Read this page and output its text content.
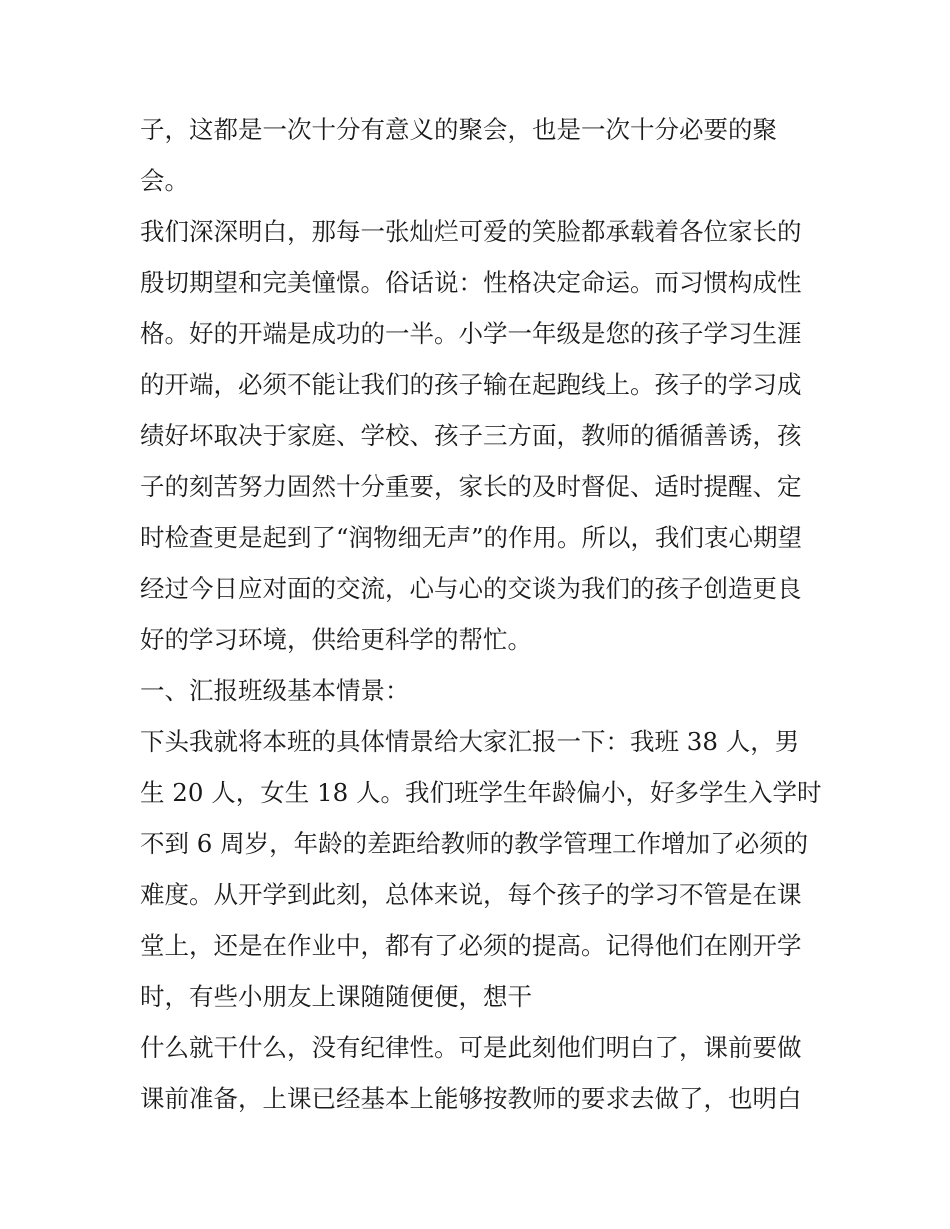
子，这都是一次十分有意义的聚会，也是一次十分必要的聚
会。
我们深深明白，那每一张灿烂可爱的笑脸都承载着各位家长的
殷切期望和完美憧憬。俗话说：性格决定命运。而习惯构成性
格。好的开端是成功的一半。小学一年级是您的孩子学习生涯
的开端，必须不能让我们的孩子输在起跑线上。孩子的学习成
绩好坏取决于家庭、学校、孩子三方面，教师的循循善诱，孩
子的刻苦努力固然十分重要，家长的及时督促、适时提醒、定
时检查更是起到了“润物细无声”的作用。所以，我们衷心期望
经过今日应对面的交流，心与心的交谈为我们的孩子创造更良
好的学习环境，供给更科学的帮忙。
一、汇报班级基本情景：
下头我就将本班的具体情景给大家汇报一下：我班 38 人，男
生 20 人，女生 18 人。我们班学生年龄偏小，好多学生入学时
不到 6 周岁，年龄的差距给教师的教学管理工作增加了必须的
难度。从开学到此刻，总体来说，每个孩子的学习不管是在课
堂上，还是在作业中，都有了必须的提高。记得他们在刚开学
时，有些小朋友上课随随便便，想干
什么就干什么，没有纪律性。可是此刻他们明白了，课前要做
课前准备，上课已经基本上能够按教师的要求去做了，也明白
